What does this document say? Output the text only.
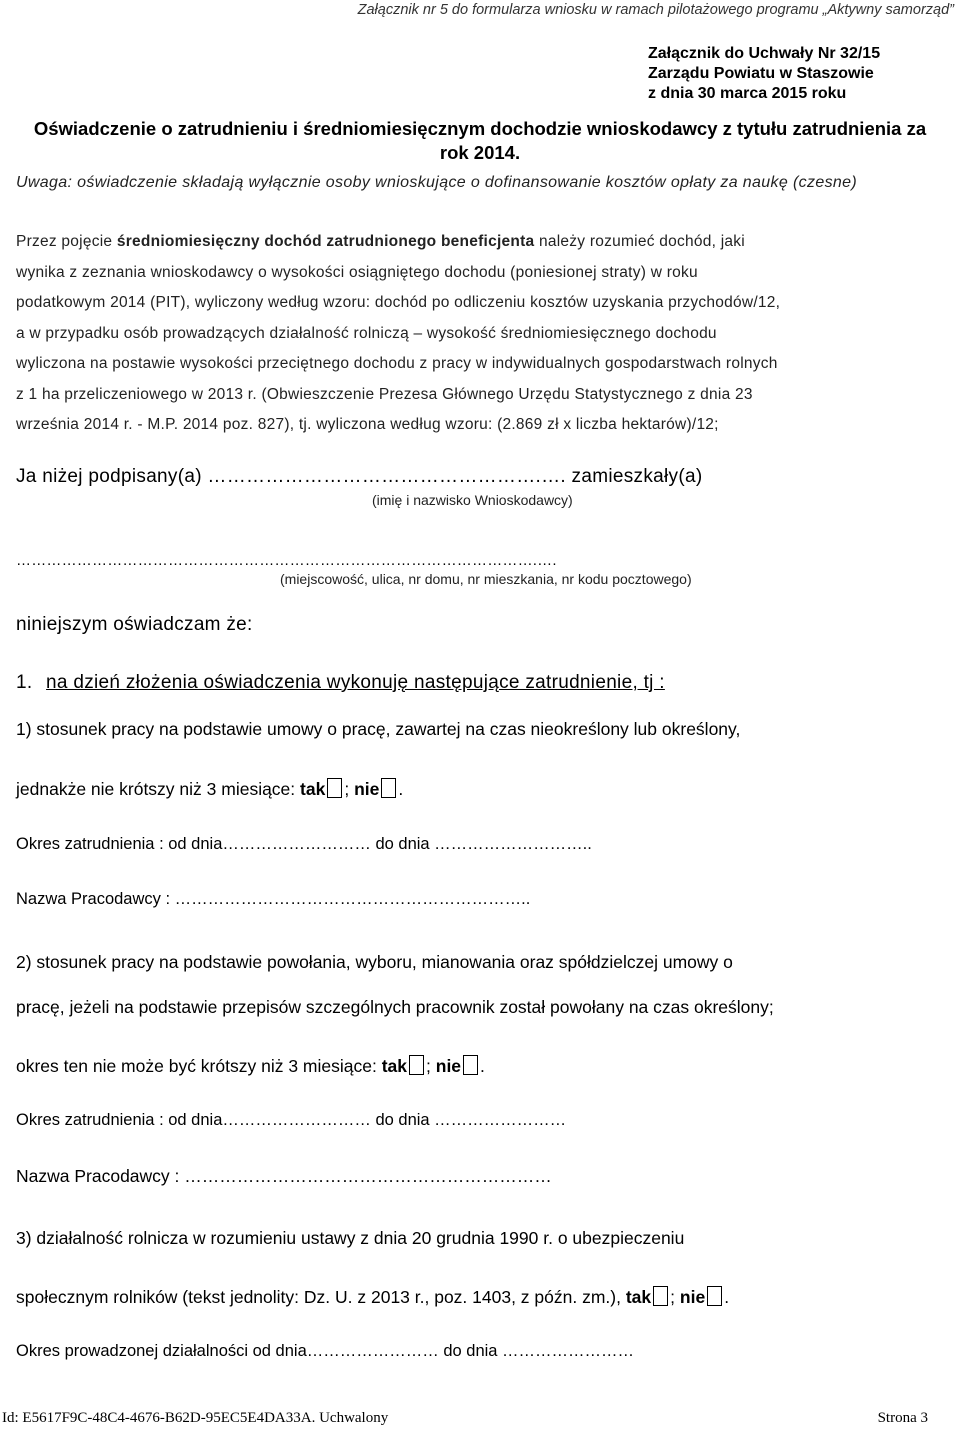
Załącznik nr 5 do formularza wniosku w ramach pilotażowego programu „Aktywny samorząd”
Załącznik do Uchwały Nr 32/15
Zarządu Powiatu w Staszowie
z dnia 30 marca 2015 roku
Oświadczenie o zatrudnieniu i średniomiesięcznym dochodzie wnioskodawcy z tytułu zatrudnienia za rok 2014.
Uwaga: oświadczenie składają wyłącznie osoby wnioskujące o dofinansowanie kosztów opłaty za naukę (czesne)
Przez pojęcie średniomiesięczny dochód zatrudnionego beneficjenta należy rozumieć dochód, jaki
wynika z zeznania wnioskodawcy o wysokości osiągniętego dochodu (poniesionej straty) w roku
podatkowym 2014 (PIT), wyliczony według wzoru: dochód po odliczeniu kosztów uzyskania przychodów/12,
a w przypadku osób prowadzących działalność rolniczą – wysokość średniomiesięcznego dochodu
wyliczona na postawie wysokości przeciętnego dochodu z pracy w indywidualnych gospodarstwach rolnych
z 1 ha przeliczeniowego w 2013 r. (Obwieszczenie Prezesa Głównego Urzędu Statystycznego z dnia 23
września 2014 r. - M.P. 2014 poz. 827), tj. wyliczona według wzoru: (2.869 zł x liczba hektarów)/12;
Ja niżej podpisany(a) …………………………………………….…. zamieszkały(a)
(imię i nazwisko Wnioskodawcy)
………………………………………………………………………………………….….
(miejscowość, ulica, nr domu, nr mieszkania, nr kodu pocztowego)
niniejszym oświadczam że:
1. na dzień złożenia oświadczenia wykonuję następujące zatrudnienie, tj :
1) stosunek pracy na podstawie umowy o pracę, zawartej na czas nieokreślony lub określony,
jednakże nie krótszy niż 3 miesiące: tak ; nie .
Okres zatrudnienia : od dnia……………………… do dnia ………………………..
Nazwa Pracodawcy : ………………………………………………………..
2) stosunek pracy na podstawie powołania, wyboru, mianowania oraz spółdzielczej umowy o
pracę, jeżeli na podstawie przepisów szczególnych pracownik został powołany na czas określony;
okres ten nie może być krótszy niż 3 miesiące: tak ; nie .
Okres zatrudnienia : od dnia……………………… do dnia ……………………
Nazwa Pracodawcy : ………………………………………………………
3) działalność rolnicza w rozumieniu ustawy z dnia 20 grudnia 1990 r. o ubezpieczeniu
społecznym rolników (tekst jednolity: Dz. U. z 2013 r., poz. 1403, z późn. zm.), tak ; nie .
Okres prowadzonej działalności od dnia…………………… do dnia ……………………
Id: E5617F9C-48C4-4676-B62D-95EC5E4DA33A. Uchwalony	Strona 3
